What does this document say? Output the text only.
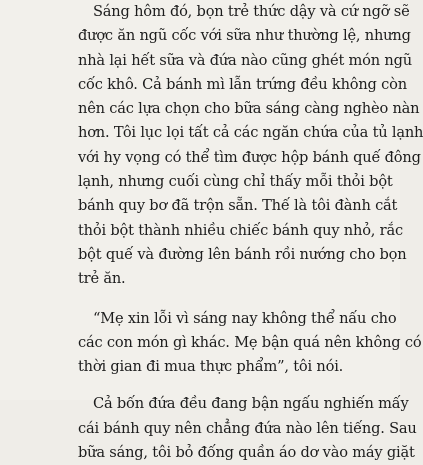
Sáng hôm đó, bọn trẻ thức dậy và cứ ngỡ sẽ
được ăn ngũ cốc với sữa như thường lệ, nhưng
nhà lại hết sữa và đứa nào cũng ghét món ngũ
cốc khô. Cả bánh mì lẫn trứng đều không còn
nên các lựa chọn cho bữa sáng càng nghèo nàn
hơn. Tôi lục lọi tất cả các ngăn chứa của tủ lạnh
với hy vọng có thể tìm được hộp bánh quế đông
lạnh, nhưng cuối cùng chỉ thấy mỗi thỏi bột
bánh quy bơ đã trộn sẵn. Thế là tôi đành cắt
thỏi bột thành nhiều chiếc bánh quy nhỏ, rắc
bột quế và đường lên bánh rồi nướng cho bọn
trẻ ăn.

“Mẹ xin lỗi vì sáng nay không thể nấu cho
các con món gì khác. Mẹ bận quá nên không có
thời gian đi mua thực phẩm”, tôi nói.

Cả bốn đứa đều đang bận ngấu nghiến mấy
cái bánh quy nên chẳng đứa nào lên tiếng. Sau
bữa sáng, tôi bỏ đống quần áo dơ vào máy giặt
